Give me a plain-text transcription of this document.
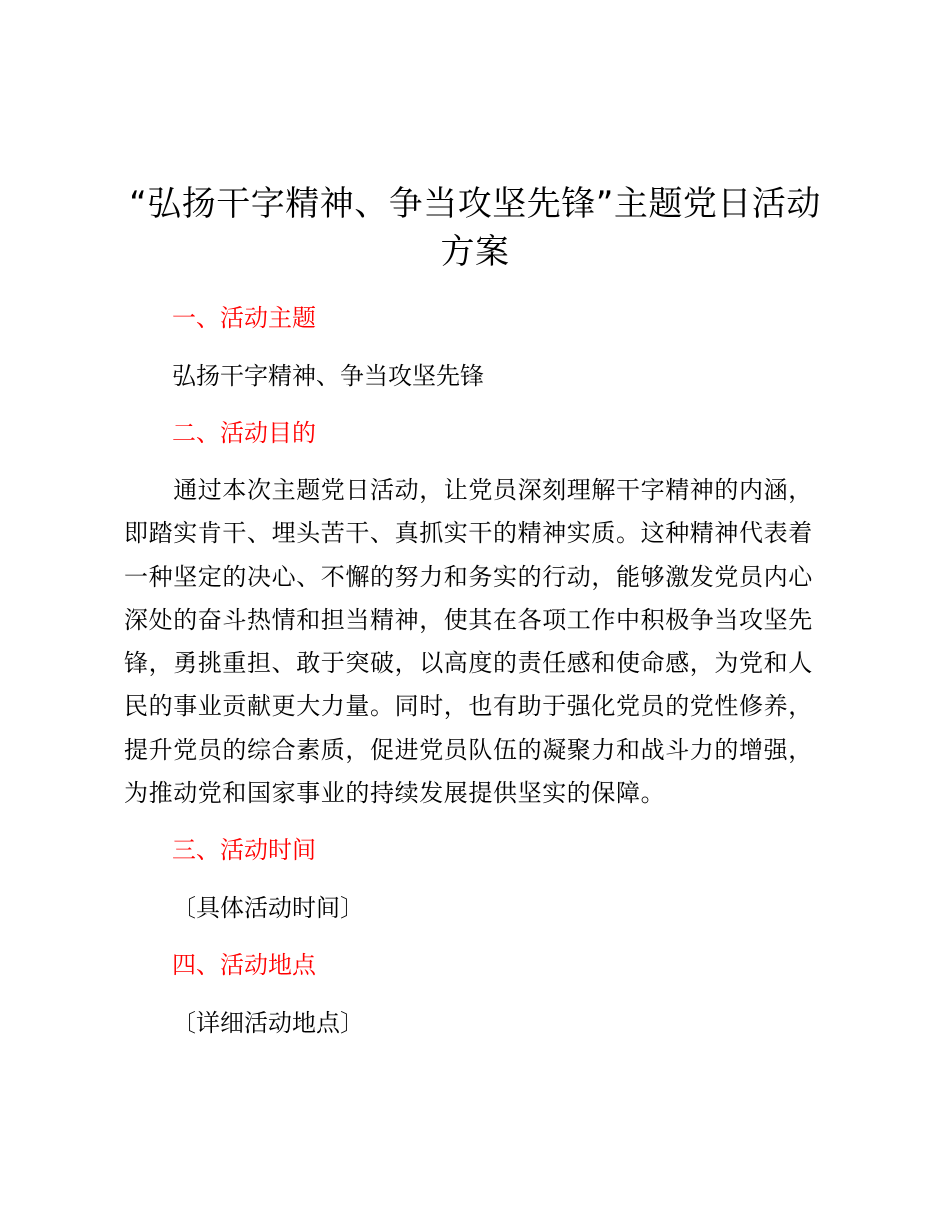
“弘扬干字精神、争当攻坚先锋”主题党日活动
方案
一、活动主题
弘扬干字精神、争当攻坚先锋
二、活动目的
　　通过本次主题党日活动，让党员深刻理解干字精神的内涵，
即踏实肯干、埋头苦干、真抓实干的精神实质。这种精神代表着
一种坚定的决心、不懈的努力和务实的行动，能够激发党员内心
深处的奋斗热情和担当精神，使其在各项工作中积极争当攻坚先
锋，勇挑重担、敢于突破，以高度的责任感和使命感，为党和人
民的事业贡献更大力量。同时，也有助于强化党员的党性修养，
提升党员的综合素质，促进党员队伍的凝聚力和战斗力的增强，
为推动党和国家事业的持续发展提供坚实的保障。
三、活动时间
〔具体活动时间〕
四、活动地点
〔详细活动地点〕
